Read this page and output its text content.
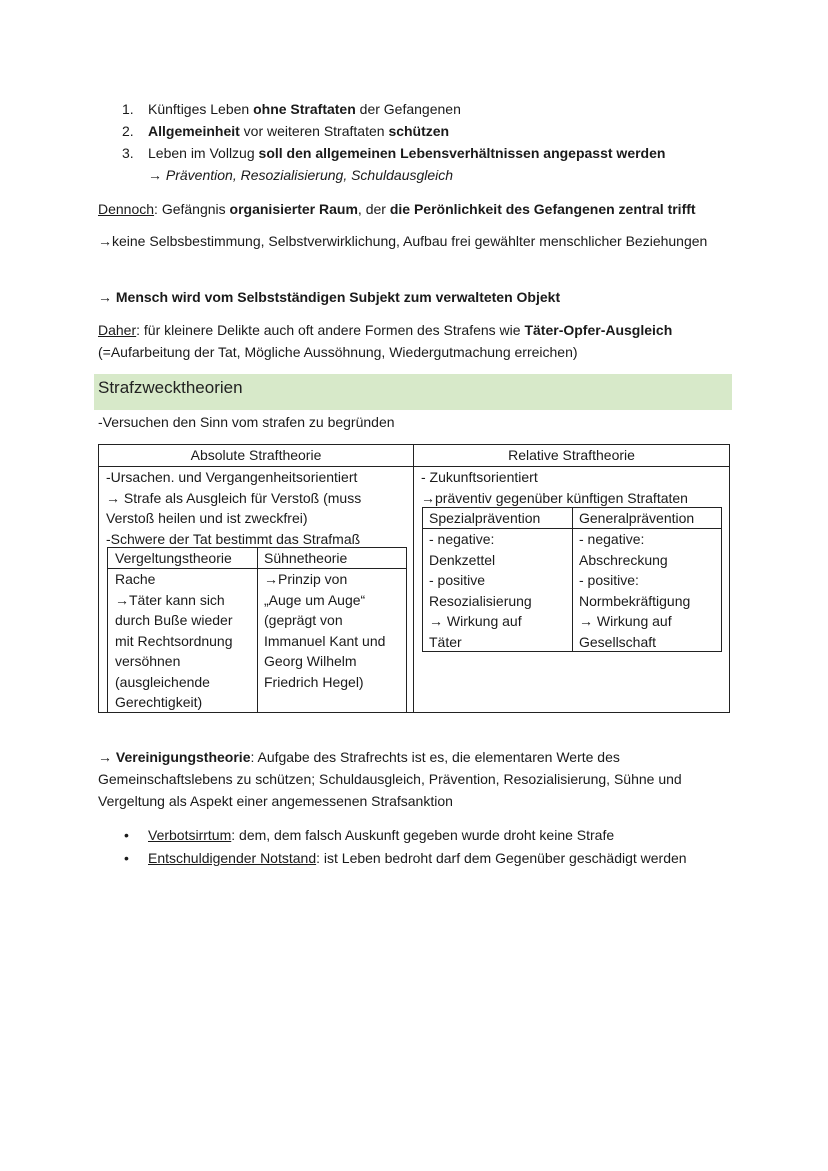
1. Künftiges Leben ohne Straftaten der Gefangenen
2. Allgemeinheit vor weiteren Straftaten schützen
3. Leben im Vollzug soll den allgemeinen Lebensverhältnissen angepasst werden
→ Prävention, Resozialisierung, Schuldausgleich
Dennoch: Gefängnis organisierter Raum, der die Perönlichkeit des Gefangenen zentral trifft
→keine Selbsbestimmung, Selbstverwirklichung, Aufbau frei gewählter menschlicher Beziehungen
→ Mensch wird vom Selbstständigen Subjekt zum verwalteten Objekt
Daher: für kleinere Delikte auch oft andere Formen des Strafens wie Täter-Opfer-Ausgleich
(=Aufarbeitung der Tat, Mögliche Aussöhnung, Wiedergutmachung erreichen)
Strafzwecktheorien
-Versuchen den Sinn vom strafen zu begründen
Absolute Straftheorie	Relative Straftheorie
-Ursachen. und Vergangenheitsorientiert
→ Strafe als Ausgleich für Verstoß (muss
Verstoß heilen und ist zweckfrei)
-Schwere der Tat bestimmt das Strafmaß
- Zukunftsorientiert
→präventiv gegenüber künftigen Straftaten
Vergeltungstheorie Sühnetheorie
Rache
→Täter kann sich
durch Buße wieder
mit Rechtsordnung
versöhnen
(ausgleichende
Gerechtigkeit)
→Prinzip von
„Auge um Auge“
(geprägt von
Immanuel Kant und
Georg Wilhelm
Friedrich Hegel)
Spezialprävention	Generalprävention
- negative:
Denkzettel
- positive
Resozialisierung
→ Wirkung auf
Täter
- negative:
Abschreckung
- positive:
Normbekräftigung
→ Wirkung auf
Gesellschaft
→ Vereinigungstheorie: Aufgabe des Strafrechts ist es, die elementaren Werte des
Gemeinschaftslebens zu schützen; Schuldausgleich, Prävention, Resozialisierung, Sühne und
Vergeltung als Aspekt einer angemessenen Strafsanktion
• Verbotsirrtum: dem, dem falsch Auskunft gegeben wurde droht keine Strafe
• Entschuldigender Notstand: ist Leben bedroht darf dem Gegenüber geschädigt werden
